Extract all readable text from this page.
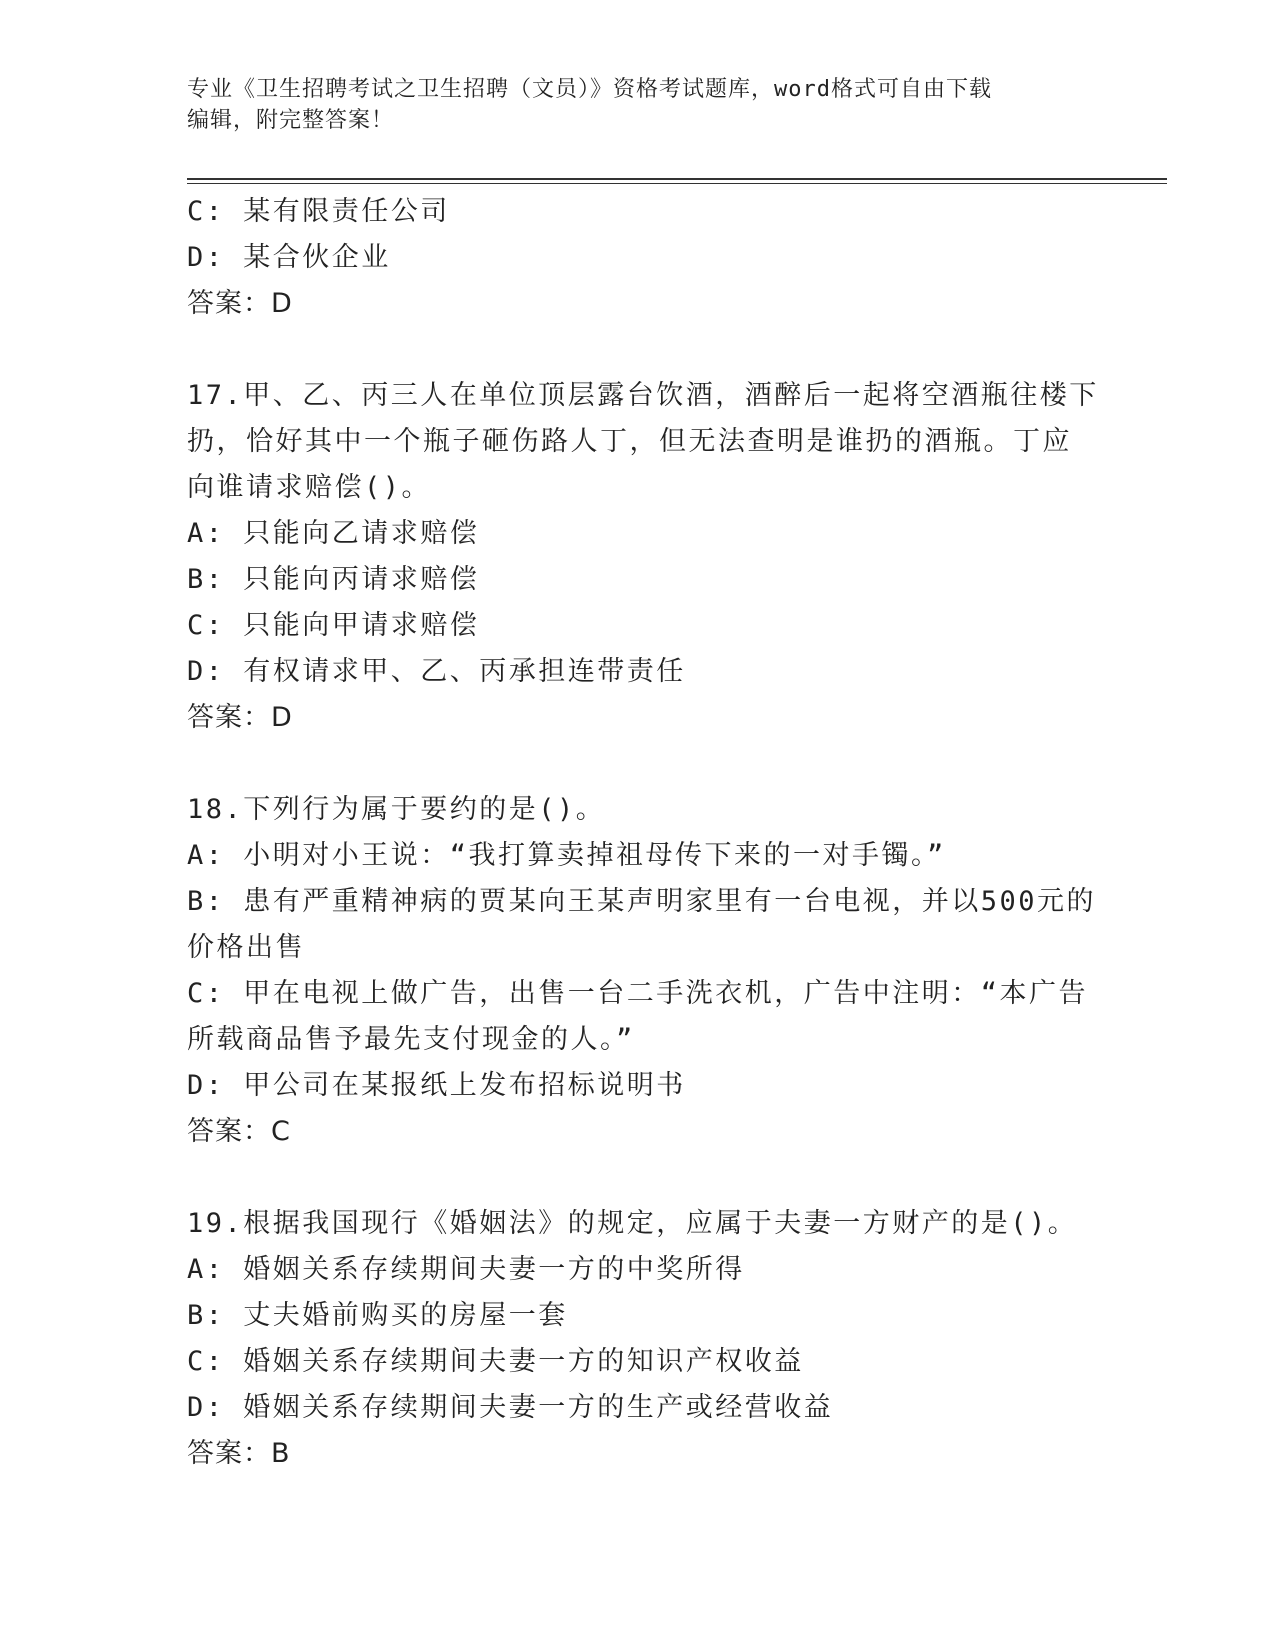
专业《卫生招聘考试之卫生招聘（文员）》资格考试题库，word格式可自由下载
编辑，附完整答案！
C: 某有限责任公司
D: 某合伙企业
答案：D
17.甲、乙、丙三人在单位顶层露台饮酒，酒醉后一起将空酒瓶往楼下
扔，恰好其中一个瓶子砸伤路人丁，但无法查明是谁扔的酒瓶。丁应
向谁请求赔偿()。
A: 只能向乙请求赔偿
B: 只能向丙请求赔偿
C: 只能向甲请求赔偿
D: 有权请求甲、乙、丙承担连带责任
答案：D
18.下列行为属于要约的是()。
A: 小明对小王说：“我打算卖掉祖母传下来的一对手镯。”
B: 患有严重精神病的贾某向王某声明家里有一台电视，并以500元的
价格出售
C: 甲在电视上做广告，出售一台二手洗衣机，广告中注明：“本广告
所载商品售予最先支付现金的人。”
D: 甲公司在某报纸上发布招标说明书
答案：C
19.根据我国现行《婚姻法》的规定，应属于夫妻一方财产的是()。
A: 婚姻关系存续期间夫妻一方的中奖所得
B: 丈夫婚前购买的房屋一套
C: 婚姻关系存续期间夫妻一方的知识产权收益
D: 婚姻关系存续期间夫妻一方的生产或经营收益
答案：B
